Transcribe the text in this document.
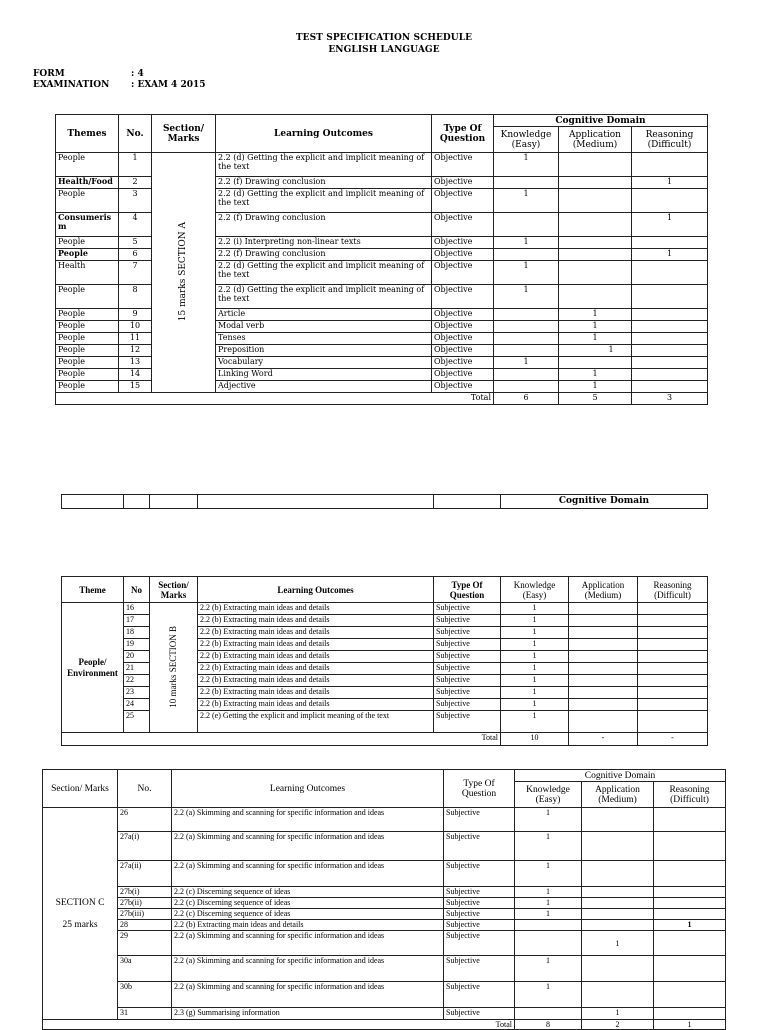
TEST SPECIFICATION SCHEDULE
ENGLISH LANGUAGE
FORM	: 4
EXAMINATION : EXAM 4 2015
Themes	No.	Section/ Marks	Learning Outcomes	Type Of Question	Cognitive Domain		
					Knowledge (Easy)	Application (Medium)	Reasoning (Difficult)
People	1	15 marks SECTION A	2.2 (d) Getting the explicit and implicit meaning of the text	Objective	1		
Health/Food	2		2.2 (f) Drawing conclusion	Objective			1
People	3		2.2 (d) Getting the explicit and implicit meaning of the text	Objective	1		
Consumerism	4		2.2 (f) Drawing conclusion	Objective			1
People	5		2.2 (i) Interpreting non-linear texts	Objective	1		
People	6		2.2 (f) Drawing conclusion	Objective			1
Health	7		2.2 (d) Getting the explicit and implicit meaning of the text	Objective	1		
People	8		2.2 (d) Getting the explicit and implicit meaning of the text	Objective	1		
People	9		Article	Objective		1	
People	10		Modal verb	Objective		1	
People	11		Tenses	Objective		1	
People	12		Preposition	Objective		1	
People	13		Vocabulary	Objective	1		
People	14		Linking Word	Objective		1	
People	15		Adjective	Objective		1	
Total					6	5	3
					Cognitive Domain
Theme	No	Section/ Marks	Learning Outcomes	Type Of Question	Knowledge (Easy)	Application (Medium)	Reasoning (Difficult)
People/ Environment	16	10 marks SECTION B	2.2 (b) Extracting main ideas and details	Subjective	1		
	17		2.2 (b) Extracting main ideas and details	Subjective	1		
	18		2.2 (b) Extracting main ideas and details	Subjective	1		
	19		2.2 (b) Extracting main ideas and details	Subjective	1		
	20		2.2 (b) Extracting main ideas and details	Subjective	1		
	21		2.2 (b) Extracting main ideas and details	Subjective	1		
	22		2.2 (b) Extracting main ideas and details	Subjective	1		
	23		2.2 (b) Extracting main ideas and details	Subjective	1		
	24		2.2 (b) Extracting main ideas and details	Subjective	1		
	25		2.2 (e) Getting the explicit and implicit meaning of the text	Subjective	1		
Total					10	-	-
Section/ Marks	No.	Learning Outcomes	Type Of Question	Cognitive Domain		
				Knowledge (Easy)	Application (Medium)	Reasoning (Difficult)

SECTION C
25 marks	26	2.2 (a) Skimming and scanning for specific information and ideas	Subjective	1		
	27a(i)	2.2 (a) Skimming and scanning for specific information and ideas	Subjective	1		
	27a(ii)	2.2 (a) Skimming and scanning for specific information and ideas	Subjective	1		
	27b(i)	2.2 (c) Discerning sequence of ideas	Subjective	1		
	27b(ii)	2.2 (c) Discerning sequence of ideas	Subjective	1		
	27b(iii)	2.2 (c) Discerning sequence of ideas	Subjective	1		
	28	2.2 (b) Extracting main ideas and details	Subjective			1
	29	2.2 (a) Skimming and scanning for specific information and ideas	Subjective		1	
	30a	2.2 (a) Skimming and scanning for specific information and ideas	Subjective	1		
	30b	2.2 (a) Skimming and scanning for specific information and ideas	Subjective	1		
	31	2.3 (g) Summarising information	Subjective		1	
Total				8	2	1
